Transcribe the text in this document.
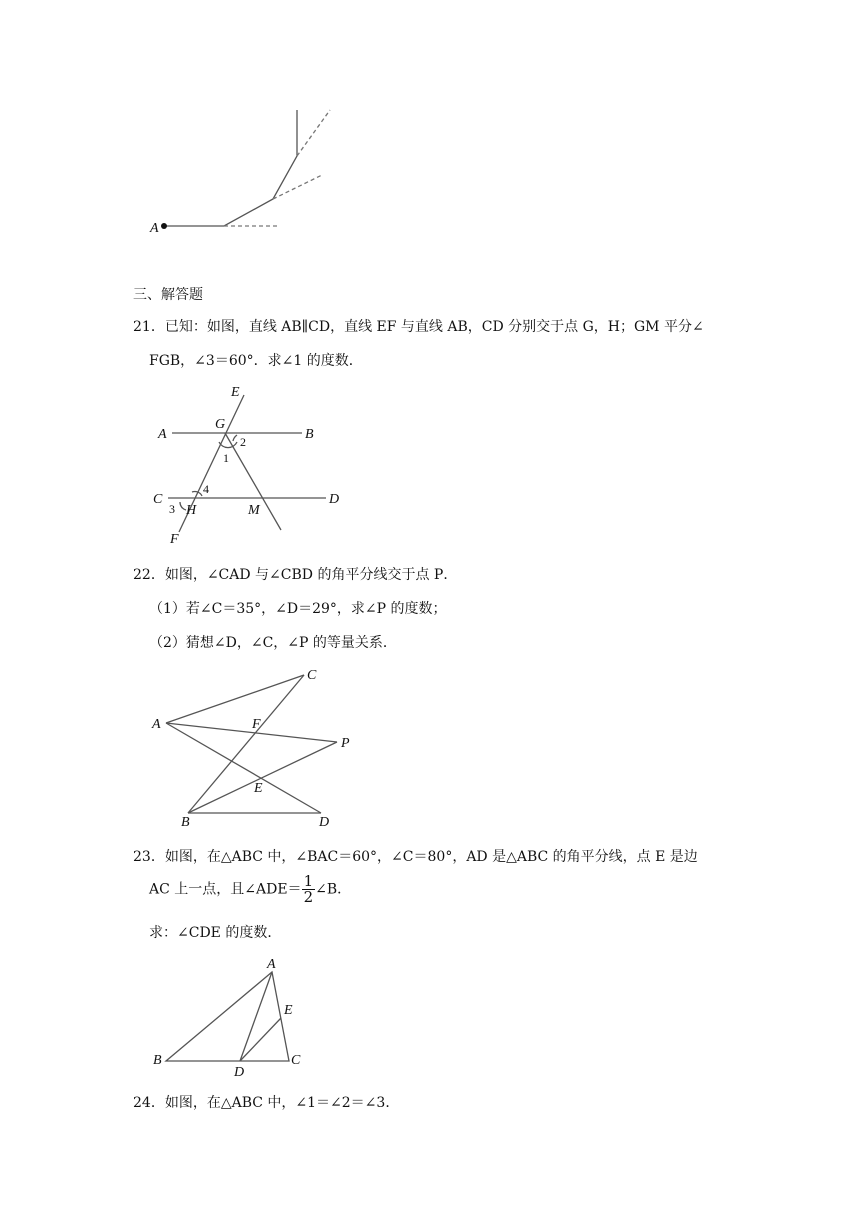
A
三、解答题
21．已知：如图，直线 AB∥CD，直线 EF 与直线 AB，CD 分别交于点 G，H；GM 平分∠
FGB，∠3＝60°．求∠1 的度数．
E
A
G
2
1
B
4
C
3 H	M
D
F
22．如图，∠CAD 与∠CBD 的角平分线交于点 P．
（1）若∠C＝35°，∠D＝29°，求∠P 的度数；
（2）猜想∠D，∠C，∠P 的等量关系．
C
A	F
P
E
B	D
23．如图，在△ABC 中，∠BAC＝60°，∠C＝80°，AD 是△ABC 的角平分线，点 E 是边
AC 上一点，且∠ADE＝ $\frac{1}{2}$ ∠B．
求：∠CDE 的度数．
A
E
B
D
C
24．如图，在△ABC 中，∠1＝∠2＝∠3．
